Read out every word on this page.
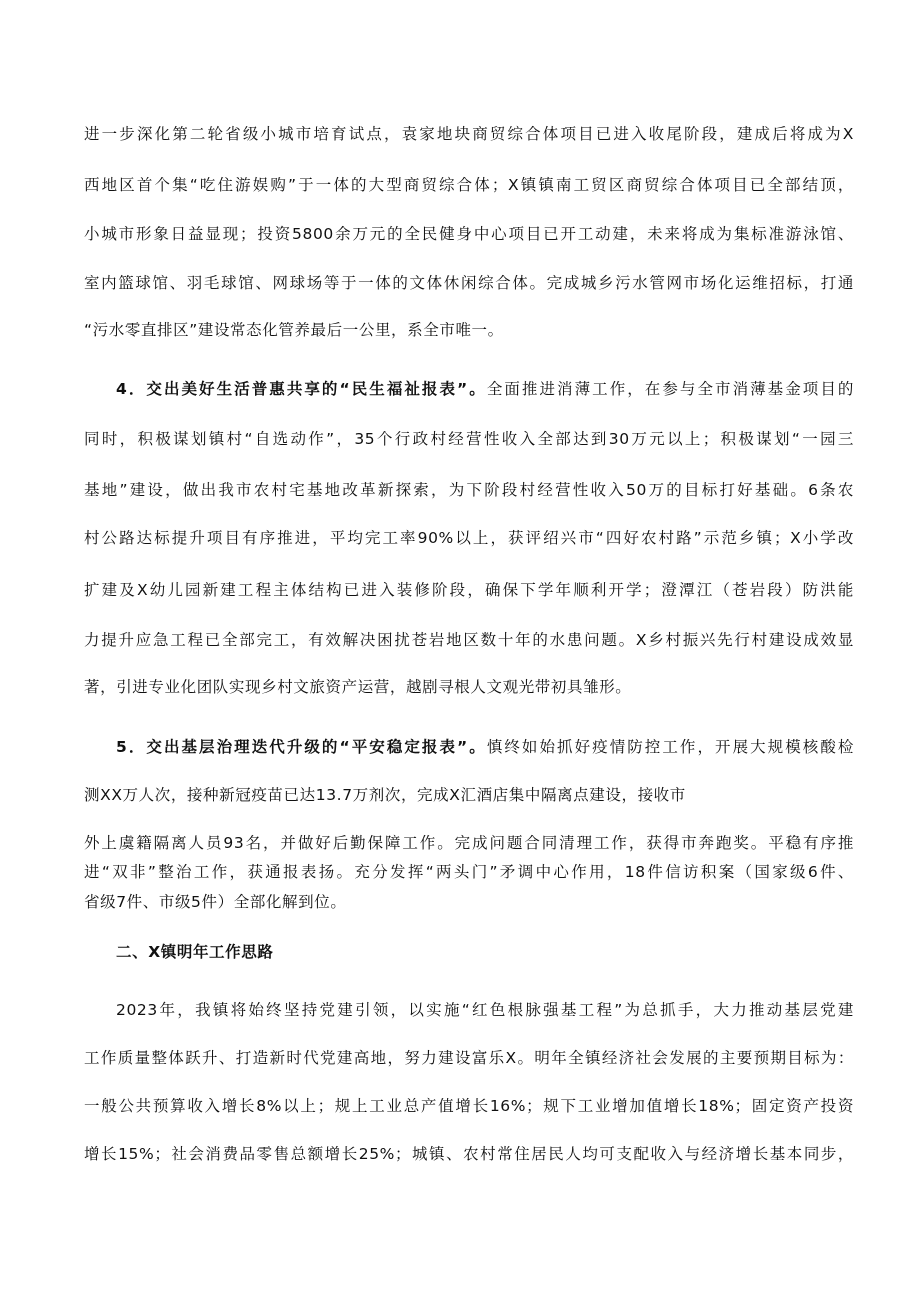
进一步深化第二轮省级小城市培育试点，袁家地块商贸综合体项目已进入收尾阶段，建成后将成为X
西地区首个集“吃住游娱购”于一体的大型商贸综合体；X镇镇南工贸区商贸综合体项目已全部结顶，
小城市形象日益显现；投资5800余万元的全民健身中心项目已开工动建，未来将成为集标准游泳馆、
室内篮球馆、羽毛球馆、网球场等于一体的文体休闲综合体。完成城乡污水管网市场化运维招标，打通
“污水零直排区”建设常态化管养最后一公里，系全市唯一。
4．交出美好生活普惠共享的“民生福祉报表”。全面推进消薄工作，在参与全市消薄基金项目的
同时，积极谋划镇村“自选动作”，35个行政村经营性收入全部达到30万元以上；积极谋划“一园三
基地”建设，做出我市农村宅基地改革新探索，为下阶段村经营性收入50万的目标打好基础。6条农
村公路达标提升项目有序推进，平均完工率90%以上，获评绍兴市“四好农村路”示范乡镇；X小学改
扩建及X幼儿园新建工程主体结构已进入装修阶段，确保下学年顺利开学；澄潭江（苍岩段）防洪能
力提升应急工程已全部完工，有效解决困扰苍岩地区数十年的水患问题。X乡村振兴先行村建设成效显
著，引进专业化团队实现乡村文旅资产运营，越剧寻根人文观光带初具雏形。
5．交出基层治理迭代升级的“平安稳定报表”。慎终如始抓好疫情防控工作，开展大规模核酸检
测XX万人次，接种新冠疫苗已达13.7万剂次，完成X汇酒店集中隔离点建设，接收市
外上虞籍隔离人员93名，并做好后勤保障工作。完成问题合同清理工作，获得市奔跑奖。平稳有序推
进“双非”整治工作，获通报表扬。充分发挥“两头门”矛调中心作用，18件信访积案（国家级6件、
省级7件、市级5件）全部化解到位。
二、X镇明年工作思路
2023年，我镇将始终坚持党建引领，以实施“红色根脉强基工程”为总抓手，大力推动基层党建
工作质量整体跃升、打造新时代党建高地，努力建设富乐X。明年全镇经济社会发展的主要预期目标为：
一般公共预算收入增长8%以上；规上工业总产值增长16%；规下工业增加值增长18%；固定资产投资
增长15%；社会消费品零售总额增长25%；城镇、农村常住居民人均可支配收入与经济增长基本同步，
